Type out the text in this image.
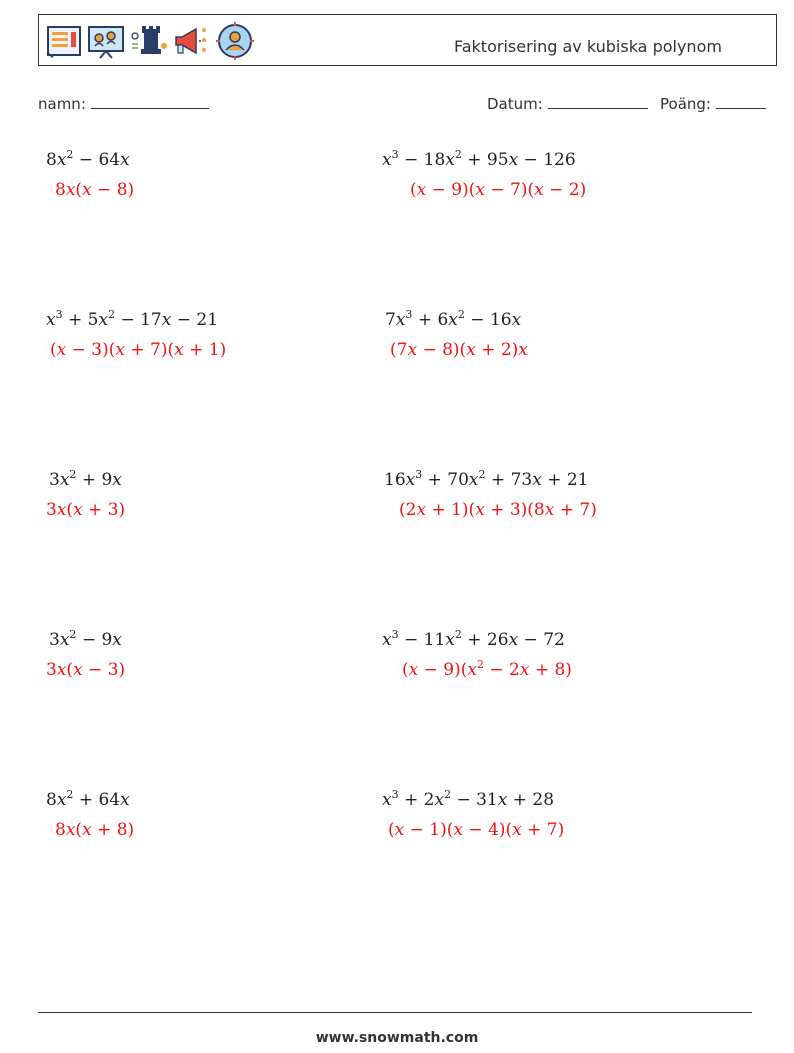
Faktorisering av kubiska polynom
namn:	Datum:	Poäng:
$8x^2 - 64x$
8x(x − 8)
$x^3 - 18x^2 + 95x - 126$
(x − 9)(x − 7)(x − 2)
$x^3 + 5x^2 - 17x - 21$
(x − 3)(x + 7)(x + 1)
$7x^3 + 6x^2 - 16x$
(7x − 8)(x + 2)x
$3x^2 + 9x$
3x(x + 3)
$16x^3 + 70x^2 + 73x + 21$
(2x + 1)(x + 3)(8x + 7)
$3x^2 - 9x$
3x(x − 3)
$x^3 - 11x^2 + 26x - 72$
$(x - 9)(x^2 - 2x + 8)$
$8x^2 + 64x$
8x(x + 8)
$x^3 + 2x^2 - 31x + 28$
(x − 1)(x − 4)(x + 7)
www.snowmath.com
